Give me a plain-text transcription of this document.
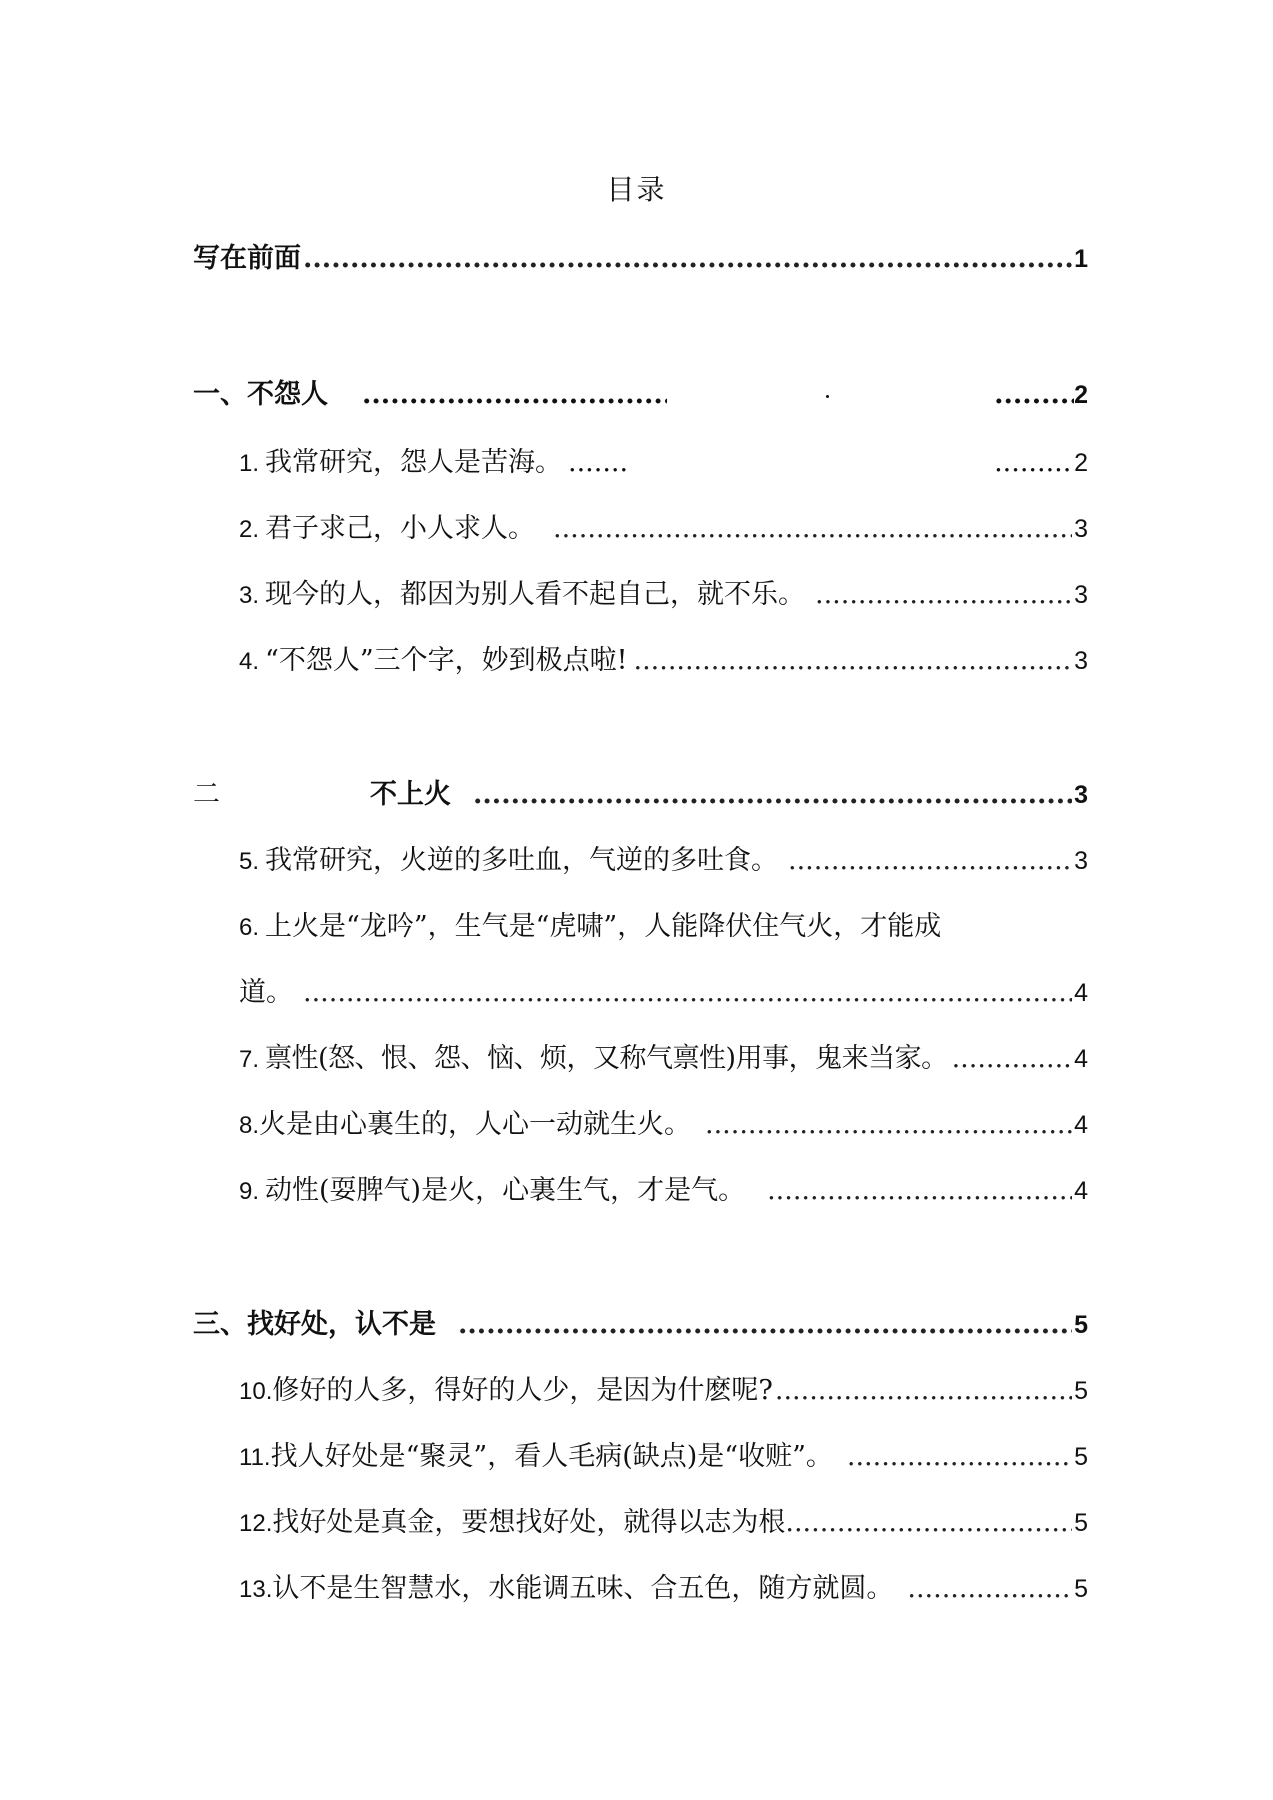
目录
写在前面 .....	1
一、不怨人 ..... .....	2
1. 我常研究，怨人是苦海。 ..... .....	2
2. 君子求己，小人求人。 .....	3
3. 现今的人，都因为别人看不起自己，就不乐。 .....	3
4. “不怨人”三个字，妙到极点啦! .....	3
二	不上火 .....	3
5. 我常研究，火逆的多吐血，气逆的多吐食。 .....	3
6. 上火是“龙吟”，生气是“虎啸”，人能降伏住气火，才能成
道。 .....	4
7. 禀性(怒、恨、怨、恼、烦，又称气禀性)用事，鬼来当家。 .....	4
8. 火是由心裏生的，人心一动就生火。 .....	4
9. 动性(耍脾气)是火，心裏生气，才是气。 .....	4
三、找好处，认不是 .....	5
10. 修好的人多，得好的人少，是因为什麽呢? .....	5
11. 找人好处是“聚灵”，看人毛病(缺点)是“收赃”。 .....	5
12. 找好处是真金，要想找好处，就得以志为根 .....	5
13. 认不是生智慧水，水能调五味、合五色，随方就圆。 .....	5
